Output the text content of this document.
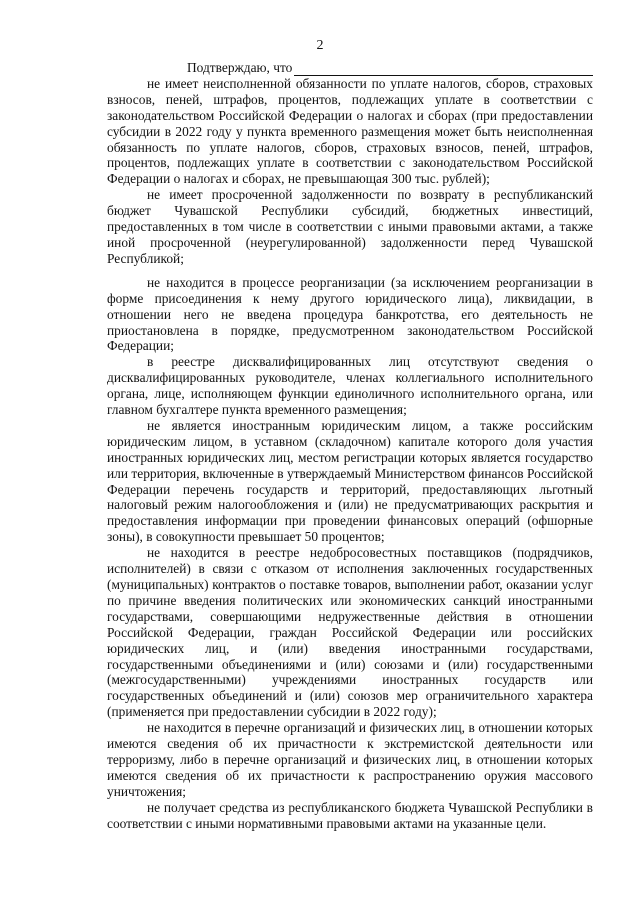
2
Подтверждаю, что

не имеет неисполненной обязанности по уплате налогов, сборов, страховых взносов, пеней, штрафов, процентов, подлежащих уплате в соответствии с законодательством Российской Федерации о налогах и сборах (при предоставлении субсидии в 2022 году у пункта временного размещения может быть неисполненная обязанность по уплате налогов, сборов, страховых взносов, пеней, штрафов, процентов, подлежащих уплате в соответствии с законодательством Российской Федерации о налогах и сборах, не превышающая 300 тыс. рублей);

не имеет просроченной задолженности по возврату в республиканский бюджет Чувашской Республики субсидий, бюджетных инвестиций, предоставленных в том числе в соответствии с иными правовыми актами, а также иной просроченной (неурегулированной) задолженности перед Чувашской Республикой;

не находится в процессе реорганизации (за исключением реорганизации в форме присоединения к нему другого юридического лица), ликвидации, в отношении него не введена процедура банкротства, его деятельность не приостановлена в порядке, предусмотренном законодательством Российской Федерации;

в реестре дисквалифицированных лиц отсутствуют сведения о дисквалифицированных руководителе, членах коллегиального исполнительного органа, лице, исполняющем функции единоличного исполнительного органа, или главном бухгалтере пункта временного размещения;

не является иностранным юридическим лицом, а также российским юридическим лицом, в уставном (складочном) капитале которого доля участия иностранных юридических лиц, местом регистрации которых является государство или территория, включенные в утверждаемый Министерством финансов Российской Федерации перечень государств и территорий, предоставляющих льготный налоговый режим налогообложения и (или) не предусматривающих раскрытия и предоставления информации при проведении финансовых операций (офшорные зоны), в совокупности превышает 50 процентов;

не находится в реестре недобросовестных поставщиков (подрядчиков, исполнителей) в связи с отказом от исполнения заключенных государственных (муниципальных) контрактов о поставке товаров, выполнении работ, оказании услуг по причине введения политических или экономических санкций иностранными государствами, совершающими недружественные действия в отношении Российской Федерации, граждан Российской Федерации или российских юридических лиц, и (или) введения иностранными государствами, государственными объединениями и (или) союзами и (или) государственными (межгосударственными) учреждениями иностранных государств или государственных объединений и (или) союзов мер ограничительного характера (применяется при предоставлении субсидии в 2022 году);

не находится в перечне организаций и физических лиц, в отношении которых имеются сведения об их причастности к экстремистской деятельности или терроризму, либо в перечне организаций и физических лиц, в отношении которых имеются сведения об их причастности к распространению оружия массового уничтожения;

не получает средства из республиканского бюджета Чувашской Республики в соответствии с иными нормативными правовыми актами на указанные цели.
